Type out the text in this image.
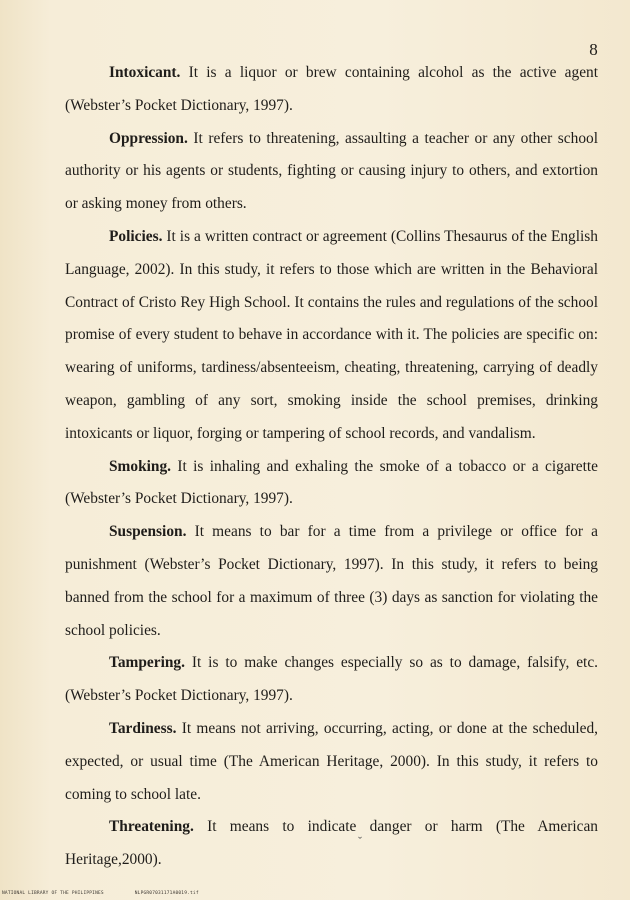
8

Intoxicant. It is a liquor or brew containing alcohol as the active agent (Webster’s Pocket Dictionary, 1997).

Oppression. It refers to threatening, assaulting a teacher or any other school authority or his agents or students, fighting or causing injury to others, and extortion or asking money from others.

Policies. It is a written contract or agreement (Collins Thesaurus of the English Language, 2002). In this study, it refers to those which are written in the Behavioral Contract of Cristo Rey High School. It contains the rules and regulations of the school promise of every student to behave in accordance with it. The policies are specific on: wearing of uniforms, tardiness/absenteeism, cheating, threatening, carrying of deadly weapon, gambling of any sort, smoking inside the school premises, drinking intoxicants or liquor, forging or tampering of school records, and vandalism.

Smoking. It is inhaling and exhaling the smoke of a tobacco or a cigarette (Webster’s Pocket Dictionary, 1997).

Suspension. It means to bar for a time from a privilege or office for a punishment (Webster’s Pocket Dictionary, 1997). In this study, it refers to being banned from the school for a maximum of three (3) days as sanction for violating the school policies.

Tampering. It is to make changes especially so as to damage, falsify, etc. (Webster’s Pocket Dictionary, 1997).

Tardiness. It means not arriving, occurring, acting, or done at the scheduled, expected, or usual time (The American Heritage, 2000). In this study, it refers to coming to school late.

Threatening. It means to indicate danger or harm (The American Heritage,2000).

ˇ
NATIONAL LIBRARY OF THE PHILIPPINES	NLPGR07031171A0019.tif
